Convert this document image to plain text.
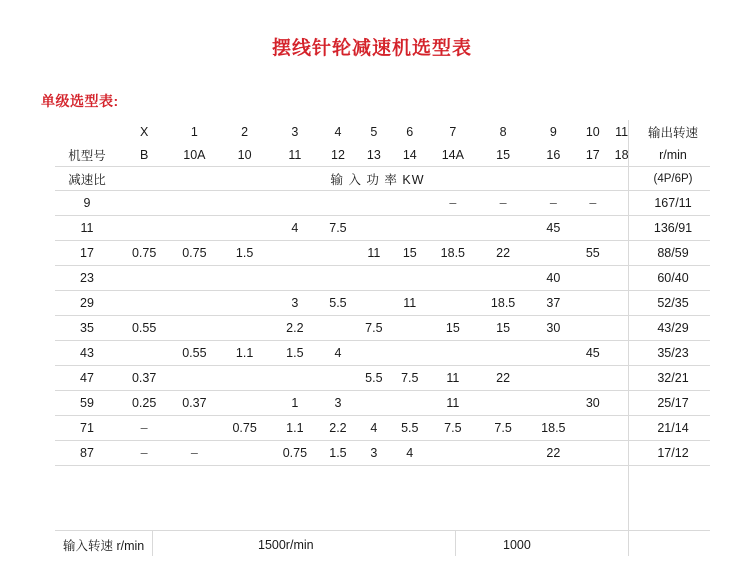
摆线针轮减速机选型表
单级选型表:
	X	1	2	3	4	5	6	7	8	9	10	11	输出转速
机型号	B	10A	10	11	12	13	14	14A	15	16	17	18	r/min
减速比	输 入 功 率 KW												(4P/6P)
9								–	–	–	–		167/11
11				4	7.5					45			136/91
17	0.75	0.75	1.5			11	15	18.5	22		55		88/59
23										40			60/40
29				3	5.5		11		18.5	37			52/35
35	0.55			2.2		7.5		15	15	30			43/29
43		0.55	1.1	1.5	4						45		35/23
47	0.37					5.5	7.5	11	22				32/21
59	0.25	0.37		1	3			11			30		25/17
71	–		0.75	1.1	2.2	4	5.5	7.5	7.5	18.5			21/14
87	–	–		0.75	1.5	3	4			22			17/12
输入转速 r/min	1500r/min	1000
